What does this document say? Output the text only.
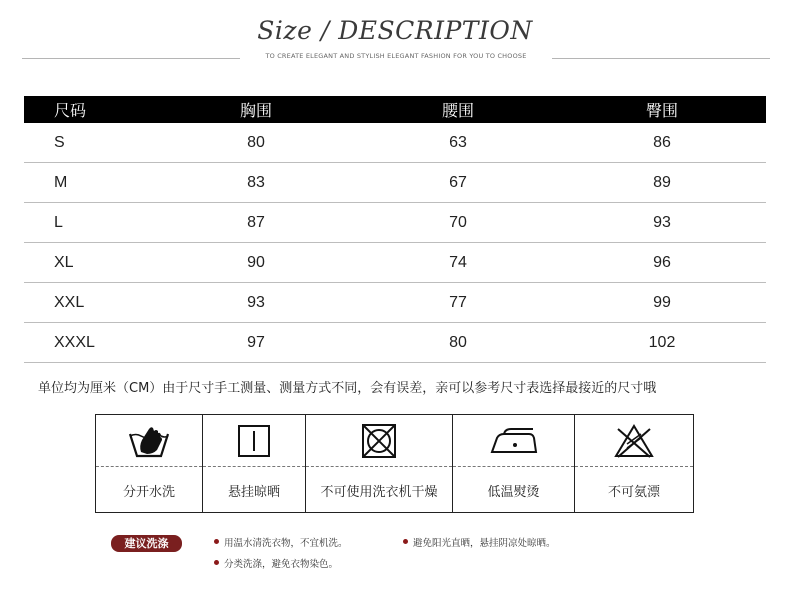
Size / DESCRIPTION
TO CREATE ELEGANT AND STYLISH ELEGANT FASHION FOR YOU TO CHOOSE
尺码	胸围	腰围	臀围
S	80	63	86
M	83	67	89
L	87	70	93
XL	90	74	96
XXL	93	77	99
XXXL	97	80	102
单位均为厘米（CM）由于尺寸手工测量、测量方式不同，会有误差，亲可以参考尺寸表选择最接近的尺寸哦
分开水洗	悬挂晾晒	不可使用洗衣机干燥	低温熨烫	不可氨漂
建议洗涤	用温水清洗衣物，不宜机洗。	避免阳光直晒，悬挂阴凉处晾晒。
分类洗涤，避免衣物染色。
